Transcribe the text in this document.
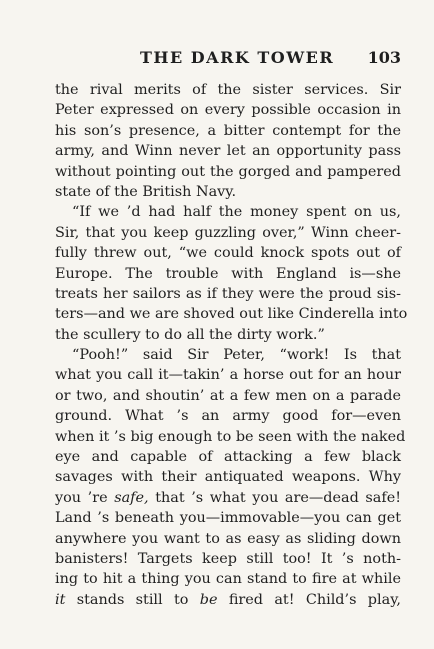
THE DARK TOWER 103
the rival merits of the sister services. Sir
Peter expressed on every possible occasion in
his son’s presence, a bitter contempt for the
army, and Winn never let an opportunity pass
without pointing out the gorged and pampered
state of the British Navy.
“If we ’d had half the money spent on us,
Sir, that you keep guzzling over,” Winn cheer-
fully threw out, “we could knock spots out of
Europe. The trouble with England is—she
treats her sailors as if they were the proud sis-
ters—and we are shoved out like Cinderella into
the scullery to do all the dirty work.”
“Pooh!” said Sir Peter, “work! Is that
what you call it—takin’ a horse out for an hour
or two, and shoutin’ at a few men on a parade
ground. What ’s an army good for—even
when it ’s big enough to be seen with the naked
eye and capable of attacking a few black
savages with their antiquated weapons. Why
you ’re safe, that ’s what you are—dead safe!
Land ’s beneath you—immovable—you can get
anywhere you want to as easy as sliding down
banisters! Targets keep still too! It ’s noth-
ing to hit a thing you can stand to fire at while
it stands still to be fired at! Child’s play,
